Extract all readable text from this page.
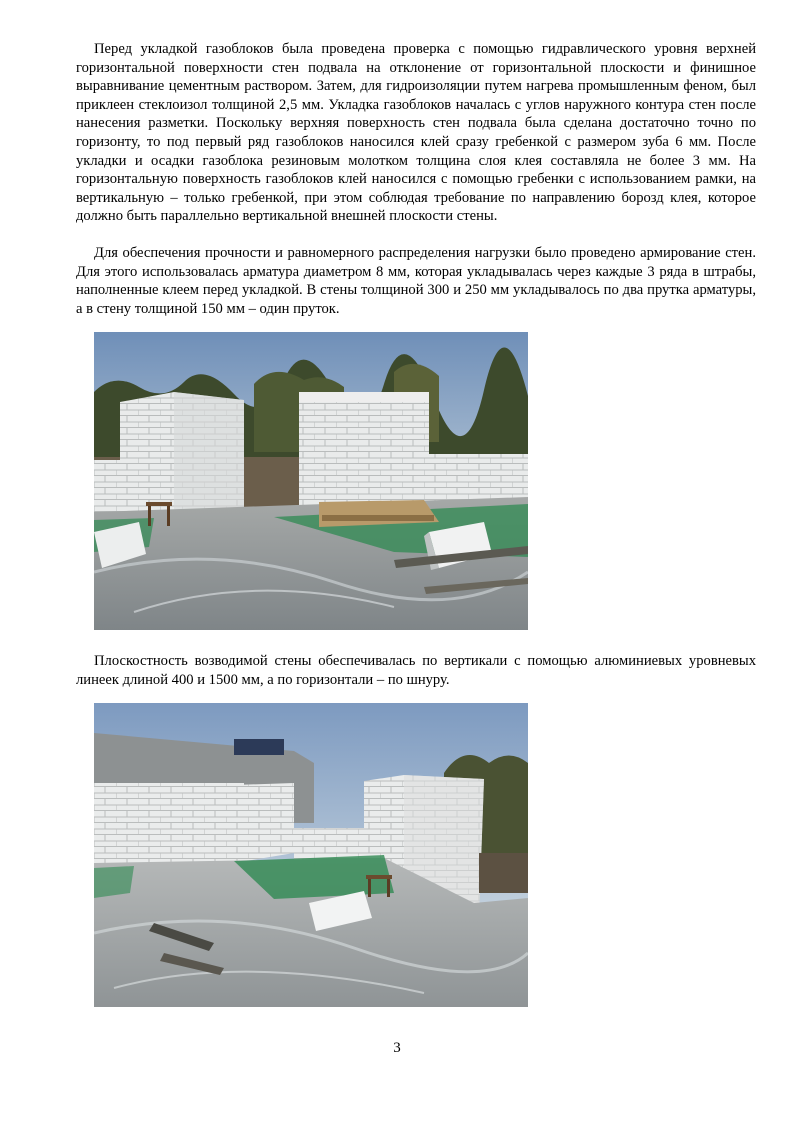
Перед укладкой газоблоков была проведена проверка с помощью гидравлического уровня верхней горизонтальной поверхности стен подвала на отклонение от горизонтальной плоскости и финишное выравнивание цементным раствором. Затем, для гидроизоляции путем нагрева промышленным феном, был приклеен стеклоизол толщиной 2,5 мм. Укладка газоблоков началась с углов наружного контура стен после нанесения разметки. Поскольку верхняя поверхность стен подвала была сделана достаточно точно по горизонту, то под первый ряд газоблоков наносился клей сразу гребенкой с размером зуба 6 мм. После укладки и осадки газоблока резиновым молотком толщина слоя клея составляла не более 3 мм. На горизонтальную поверхность газоблоков клей наносился с помощью гребенки с использованием рамки, на вертикальную – только гребенкой, при этом соблюдая требование по направлению борозд клея, которое должно быть параллельно вертикальной внешней плоскости стены.

Для обеспечения прочности и равномерного распределения нагрузки было проведено армирование стен. Для этого использовалась арматура диаметром 8 мм, которая укладывалась через каждые 3 ряда в штрабы, наполненные клеем перед укладкой. В стены толщиной 300 и 250 мм укладывалось по два прутка арматуры, а в стену толщиной 150 мм – один пруток.

Плоскостность возводимой стены обеспечивалась по вертикали с помощью алюминиевых уровневых линеек длиной 400 и 1500 мм, а по горизонтали – по шнуру.

3
